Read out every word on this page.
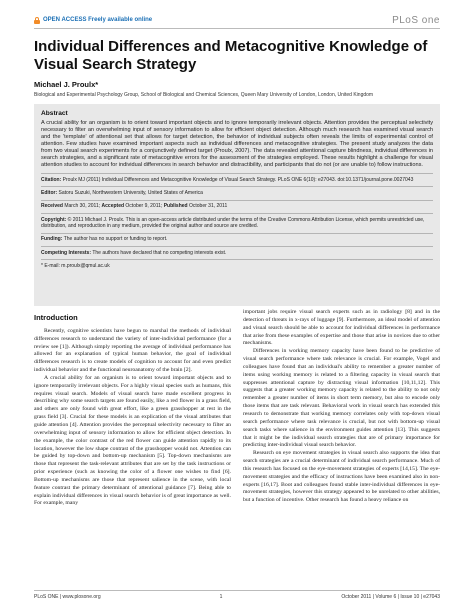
OPEN ACCESS Freely available online	PLoS one
Individual Differences and Metacognitive Knowledge of Visual Search Strategy
Michael J. Proulx*
Biological and Experimental Psychology Group, School of Biological and Chemical Sciences, Queen Mary University of London, London, United Kingdom
Abstract
A crucial ability for an organism is to orient toward important objects and to ignore temporarily irrelevant objects. Attention provides the perceptual selectivity necessary to filter an overwhelming input of sensory information to allow for efficient object detection. Although much research has examined visual search and the 'template' of attentional set that allows for target detection, the behavior of individual subjects often reveals the limits of experimental control of attention. Few studies have examined important aspects such as individual differences and metacognitive strategies. The present study analyzes the data from two visual search experiments for a conjunctively defined target (Proulx, 2007). The data revealed attentional capture blindness, individual differences in search strategies, and a significant rate of metacognitive errors for the assessment of the strategies employed. These results highlight a challenge for visual attention studies to account for individual differences in search behavior and distractibility, and participants that do not (or are unable to) follow instructions.
Citation: Proulx MJ (2011) Individual Differences and Metacognitive Knowledge of Visual Search Strategy. PLoS ONE 6(10): e27043. doi:10.1371/journal.pone.0027043
Editor: Satoru Suzuki, Northwestern University, United States of America
Received March 30, 2011; Accepted October 9, 2011; Published October 31, 2011
Copyright: © 2011 Michael J. Proulx. This is an open-access article distributed under the terms of the Creative Commons Attribution License, which permits unrestricted use, distribution, and reproduction in any medium, provided the original author and source are credited.
Funding: The author has no support or funding to report.
Competing Interests: The authors have declared that no competing interests exist.
* E-mail: m.proulx@qmul.ac.uk
Introduction

Recently, cognitive scientists have begun to marshal the methods of individual differences research to understand the variety of inter-individual performance (for a review see [1]). Although simply reporting the average of individual performance has allowed for an explanation of typical human behavior, the goal of individual differences research is to create models of cognition to account for and even predict individual behavior and the functional neuroanatomy of the brain [2].

A crucial ability for an organism is to orient toward important objects and to ignore temporarily irrelevant objects. For a highly visual species such as humans, this requires visual search. Models of visual search have made excellent progress in describing why some search targets are found easily, like a red flower in a grass field, and others are only found with great effort, like a green grasshopper at rest in the grass field [3]. Crucial for these models is an explication of the visual attributes that guide attention [4]. Attention provides the perceptual selectivity necessary to filter an overwhelming input of sensory information to allow for efficient object detection. In the example, the color contrast of the red flower can guide attention rapidly to its location, however the low shape contrast of the grasshopper would not. Attention can be guided by top-down and bottom-up mechanism [5]. Top-down mechanisms are those that represent the task-relevant attributes that are set by the task instructions or prior experience (such as knowing the color of a flower one wishes to find [6]. Bottom-up mechanisms are those that represent salience in the scene, with local feature contrast the primary determinant of attentional guidance [7]. Being able to explain individual differences in visual search behavior is of great importance as well. For example, many

important jobs require visual search experts such as in radiology [8] and in the detection of threats in x-rays of luggage [9]. Furthermore, an ideal model of attention and visual search should be able to account for individual differences in performance that arise from these examples of expertise and those that arise in novices due to other mechanisms.

Differences in working memory capacity have been found to be predictive of visual search performance where task relevance is crucial. For example, Vogel and colleagues have found that an individual's ability to remember a greater number of items using working memory is related to a filtering capacity in visual search that suppresses attentional capture by distracting visual information [10,11,12]. This suggests that a greater working memory capacity is related to the ability to not only remember a greater number of items in short term memory, but also to encode only those items that are task relevant. Behavioral work in visual search has extended this research to demonstrate that working memory correlates only with top-down visual search performance where task relevance is crucial, but not with bottom-up visual search tasks where salience in the environment guides attention [13]. This suggests that it might be the individual search strategies that are of primary importance for predicting inter-individual visual search behavior.

Research on eye movement strategies in visual search also supports the idea that search strategies are a crucial determinant of individual search performance. Much of this research has focused on the eye-movement strategies of experts [14,15]. The eye-movement strategies and the efficacy of instructions have been examined also in non-experts [16,17]. Boot and colleagues found stable inter-individual differences in eye-movement strategies, however this strategy appeared to be unrelated to other abilities, but a function of incentive. Other research has found a heavy reliance on

PLoS ONE | www.plosone.org	1	October 2011 | Volume 6 | Issue 10 | e27043
